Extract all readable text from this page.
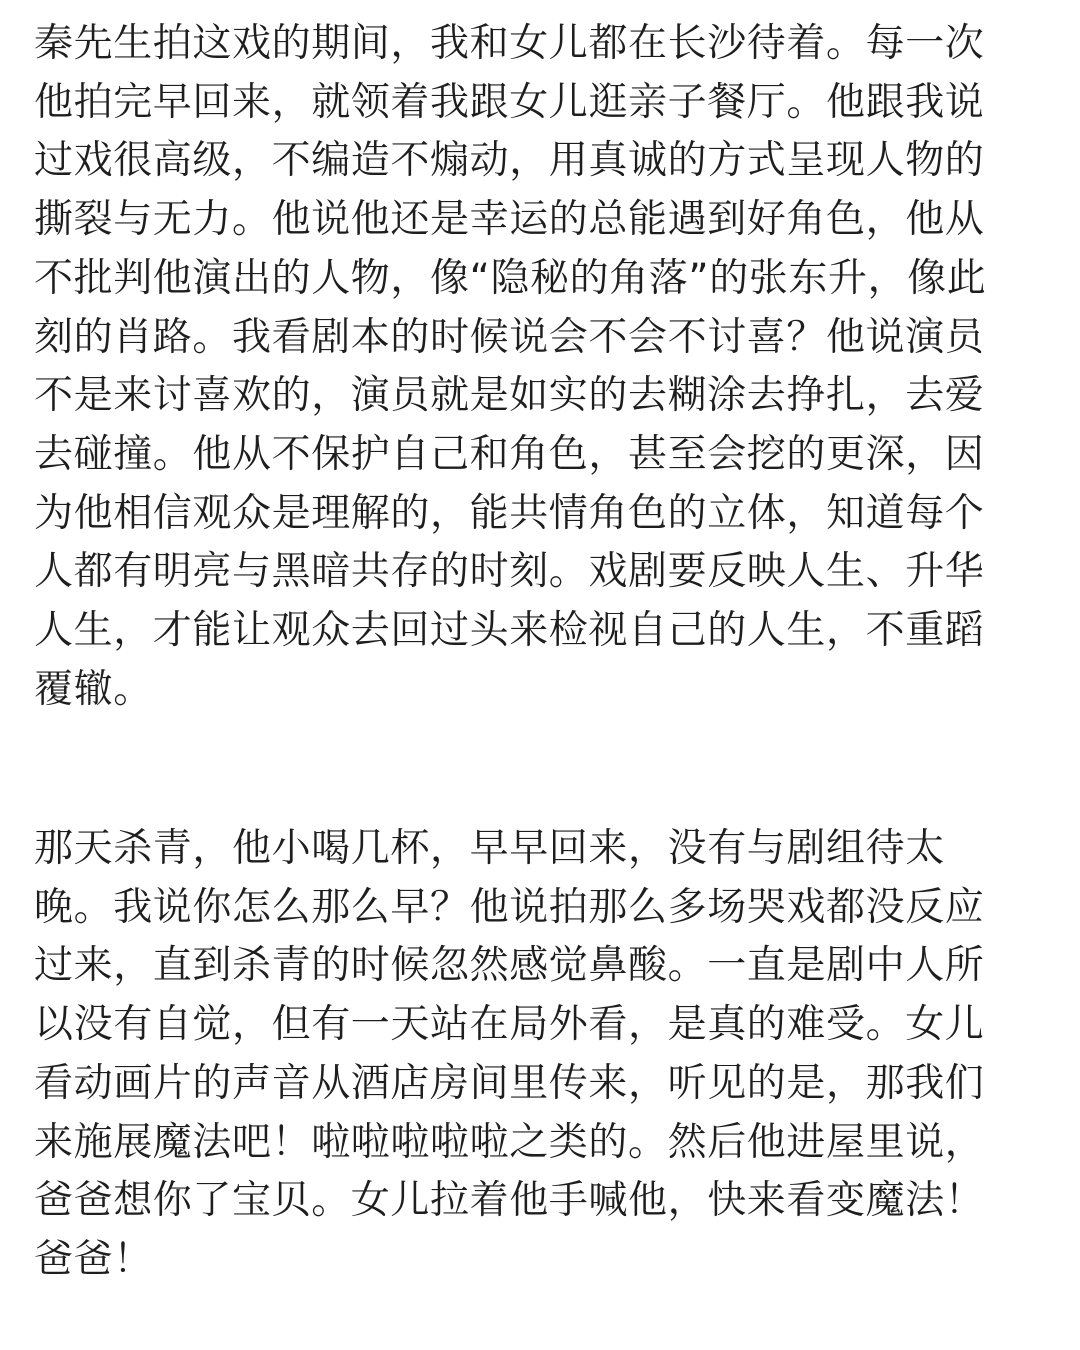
秦先生拍这戏的期间，我和女儿都在长沙待着。每一次
他拍完早回来，就领着我跟女儿逛亲子餐厅。他跟我说
过戏很高级，不编造不煽动，用真诚的方式呈现人物的
撕裂与无力。他说他还是幸运的总能遇到好角色，他从
不批判他演出的人物，像“隐秘的角落”的张东升，像此
刻的肖路。我看剧本的时候说会不会不讨喜？他说演员
不是来讨喜欢的，演员就是如实的去糊涂去挣扎，去爱
去碰撞。他从不保护自己和角色，甚至会挖的更深，因
为他相信观众是理解的，能共情角色的立体，知道每个
人都有明亮与黑暗共存的时刻。戏剧要反映人生、升华
人生，才能让观众去回过头来检视自己的人生，不重蹈
覆辙。

那天杀青，他小喝几杯，早早回来，没有与剧组待太
晚。我说你怎么那么早？他说拍那么多场哭戏都没反应
过来，直到杀青的时候忽然感觉鼻酸。一直是剧中人所
以没有自觉，但有一天站在局外看，是真的难受。女儿
看动画片的声音从酒店房间里传来，听见的是，那我们
来施展魔法吧！啦啦啦啦啦之类的。然后他进屋里说，
爸爸想你了宝贝。女儿拉着他手喊他，快来看变魔法！
爸爸！
